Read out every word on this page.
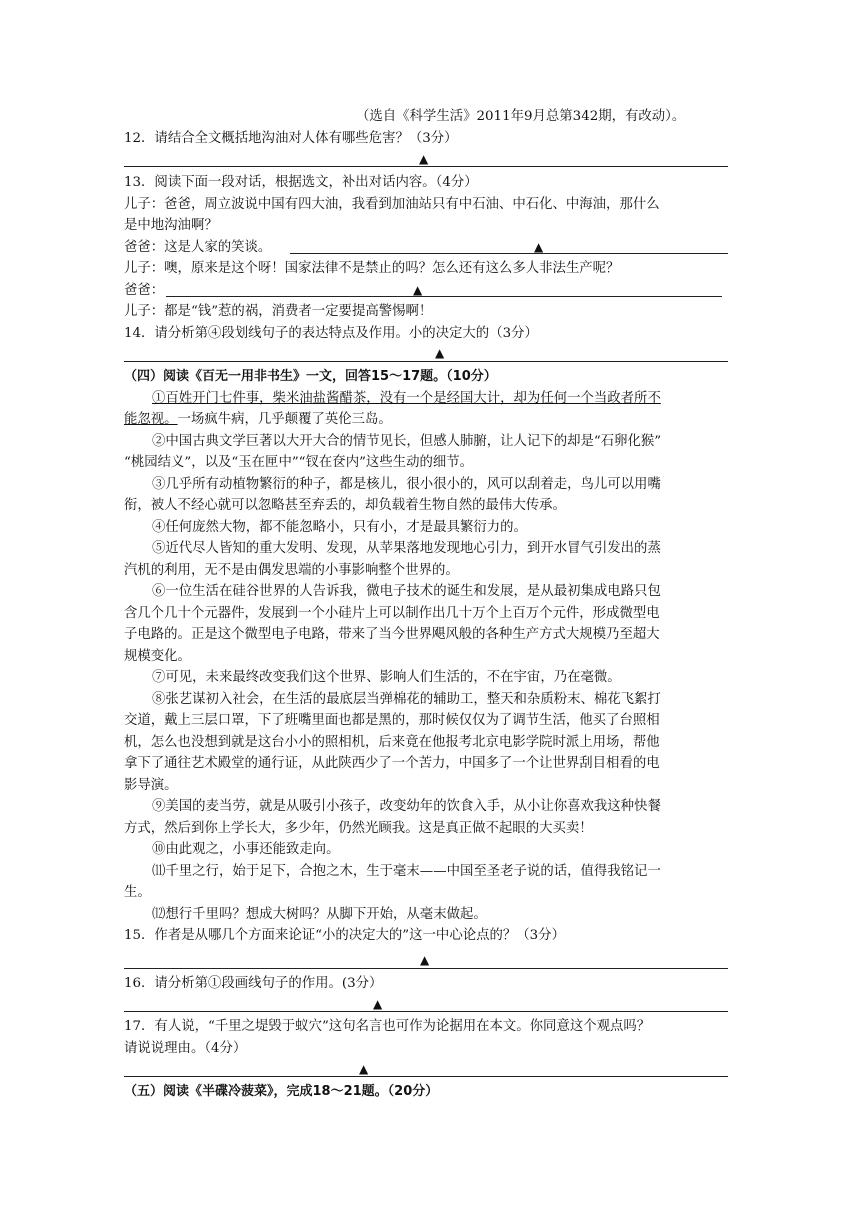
（选自《科学生活》2011年9月总第342期，有改动）。
12．请结合全文概括地沟油对人体有哪些危害？（3分）
▲
13．阅读下面一段对话，根据选文，补出对话内容。（4分）
儿子：爸爸，周立波说中国有四大油，我看到加油站只有中石油、中石化、中海油，那什么
是中地沟油啊？
爸爸：这是人家的笑谈。	▲
儿子：噢，原来是这个呀！国家法律不是禁止的吗？怎么还有这么多人非法生产呢？
爸爸：	▲
儿子：都是“钱”惹的祸，消费者一定要提高警惕啊！
14．请分析第④段划线句子的表达特点及作用。小的决定大的（3分）
▲
（四）阅读《百无一用非书生》一文，回答15～17题。（10分）
①百姓开门七件事，柴米油盐酱醋茶，没有一个是经国大计，却为任何一个当政者所不
能忽视。一场疯牛病，几乎颠覆了英伦三岛。
②中国古典文学巨著以大开大合的情节见长，但感人肺腑，让人记下的却是“石卵化猴”
“桃园结义”，以及“玉在匣中”“钗在奁内”这些生动的细节。
③几乎所有动植物繁衍的种子，都是核儿，很小很小的，风可以刮着走，鸟儿可以用嘴
衔，被人不经心就可以忽略甚至弃丢的，却负载着生物自然的最伟大传承。
④任何庞然大物，都不能忽略小，只有小，才是最具繁衍力的。
⑤近代尽人皆知的重大发明、发现，从苹果落地发现地心引力，到开水冒气引发出的蒸
汽机的利用，无不是由偶发思端的小事影响整个世界的。
⑥一位生活在硅谷世界的人告诉我，微电子技术的诞生和发展，是从最初集成电路只包
含几个几十个元器件，发展到一个小硅片上可以制作出几十万个上百万个元件，形成微型电
子电路的。正是这个微型电子电路，带来了当今世界飓风般的各种生产方式大规模乃至超大
规模变化。
⑦可见，未来最终改变我们这个世界、影响人们生活的，不在宇宙，乃在毫微。
⑧张艺谋初入社会，在生活的最底层当弹棉花的辅助工，整天和杂质粉末、棉花飞絮打
交道，戴上三层口罩，下了班嘴里面也都是黑的，那时候仅仅为了调节生活，他买了台照相
机，怎么也没想到就是这台小小的照相机，后来竟在他报考北京电影学院时派上用场，帮他
拿下了通往艺术殿堂的通行证，从此陕西少了一个苦力，中国多了一个让世界刮目相看的电
影导演。
⑨美国的麦当劳，就是从吸引小孩子，改变幼年的饮食入手，从小让你喜欢我这种快餐
方式，然后到你上学长大，多少年，仍然光顾我。这是真正做不起眼的大买卖！
⑩由此观之，小事还能致走向。
⑾千里之行，始于足下，合抱之木，生于毫末——中国至圣老子说的话，值得我铭记一
生。
⑿想行千里吗？想成大树吗？从脚下开始，从毫末做起。
15．作者是从哪几个方面来论证“小的决定大的”这一中心论点的？（3分）
▲
16．请分析第①段画线句子的作用。(3分）
▲
17．有人说，“千里之堤毁于蚁穴”这句名言也可作为论据用在本文。你同意这个观点吗？
请说说理由。（4分）
▲
（五）阅读《半碟冷菠菜》，完成18～21题。（20分）
